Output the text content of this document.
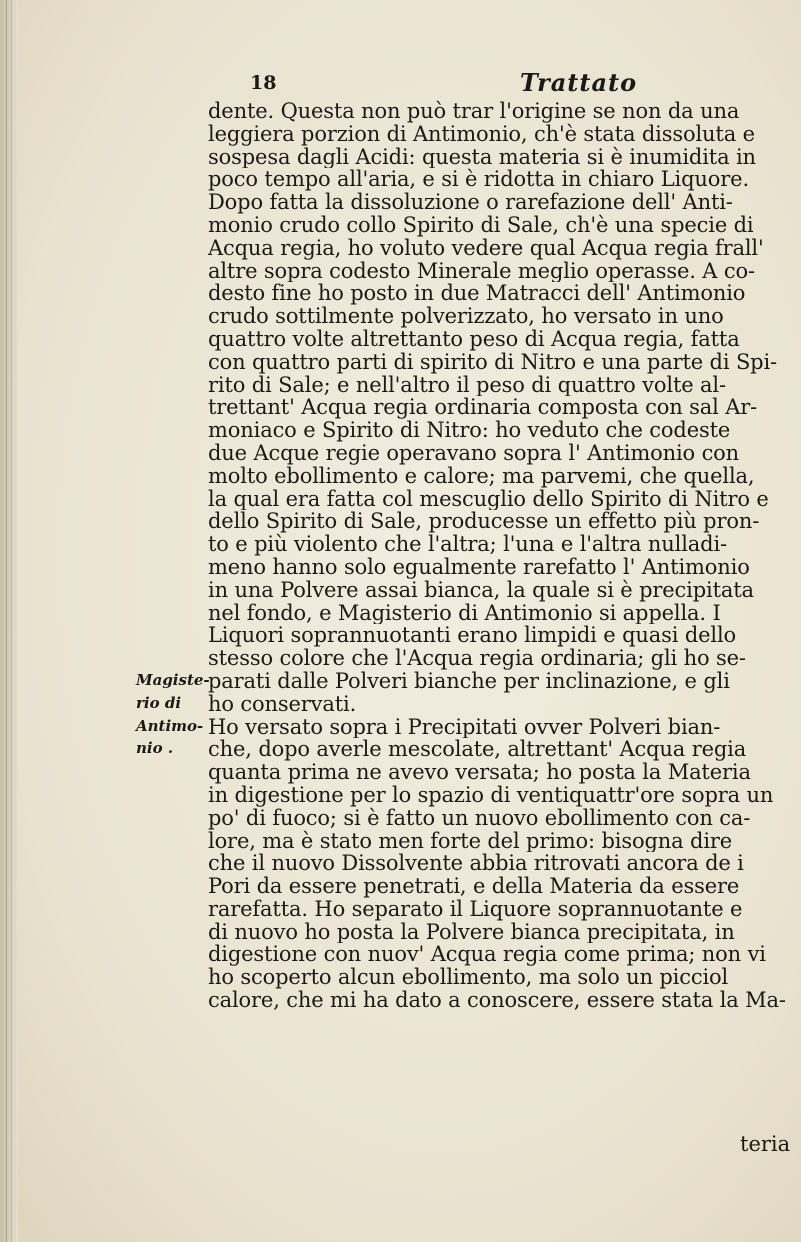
18	Trattato
Magiste-
rio di
Antimo-
nio .
dente. Questa non può trar l'origine se non da una
leggiera porzion di Antimonio, ch'è stata dissoluta e
sospesa dagli Acidi: questa materia si è inumidita in
poco tempo all'aria, e si è ridotta in chiaro Liquore.
Dopo fatta la dissoluzione o rarefazione dell' Anti-
monio crudo collo Spirito di Sale, ch'è una specie di
Acqua regia, ho voluto vedere qual Acqua regia frall'
altre sopra codesto Minerale meglio operasse. A co-
desto fine ho posto in due Matracci dell' Antimonio
crudo sottilmente polverizzato, ho versato in uno
quattro volte altrettanto peso di Acqua regia, fatta
con quattro parti di spirito di Nitro e una parte di Spi-
rito di Sale; e nell'altro il peso di quattro volte al-
trettant' Acqua regia ordinaria composta con sal Ar-
moniaco e Spirito di Nitro: ho veduto che codeste
due Acque regie operavano sopra l' Antimonio con
molto ebollimento e calore; ma parvemi, che quella,
la qual era fatta col mescuglio dello Spirito di Nitro e
dello Spirito di Sale, producesse un effetto più pron-
to e più violento che l'altra; l'una e l'altra nulladi-
meno hanno solo egualmente rarefatto l' Antimonio
in una Polvere assai bianca, la quale si è precipitata
nel fondo, e Magisterio di Antimonio si appella. I
Liquori soprannuotanti erano limpidi e quasi dello
stesso colore che l'Acqua regia ordinaria; gli ho se-
parati dalle Polveri bianche per inclinazione, e gli
ho conservati.
Ho versato sopra i Precipitati ovver Polveri bian-
che, dopo averle mescolate, altrettant' Acqua regia
quanta prima ne avevo versata; ho posta la Materia
in digestione per lo spazio di ventiquattr'ore sopra un
po' di fuoco; si è fatto un nuovo ebollimento con ca-
lore, ma è stato men forte del primo: bisogna dire
che il nuovo Dissolvente abbia ritrovati ancora de i
Pori da essere penetrati, e della Materia da essere
rarefatta. Ho separato il Liquore soprannuotante e
di nuovo ho posta la Polvere bianca precipitata, in
digestione con nuov' Acqua regia come prima; non vi
ho scoperto alcun ebollimento, ma solo un picciol
calore, che mi ha dato a conoscere, essere stata la Ma-
teria
